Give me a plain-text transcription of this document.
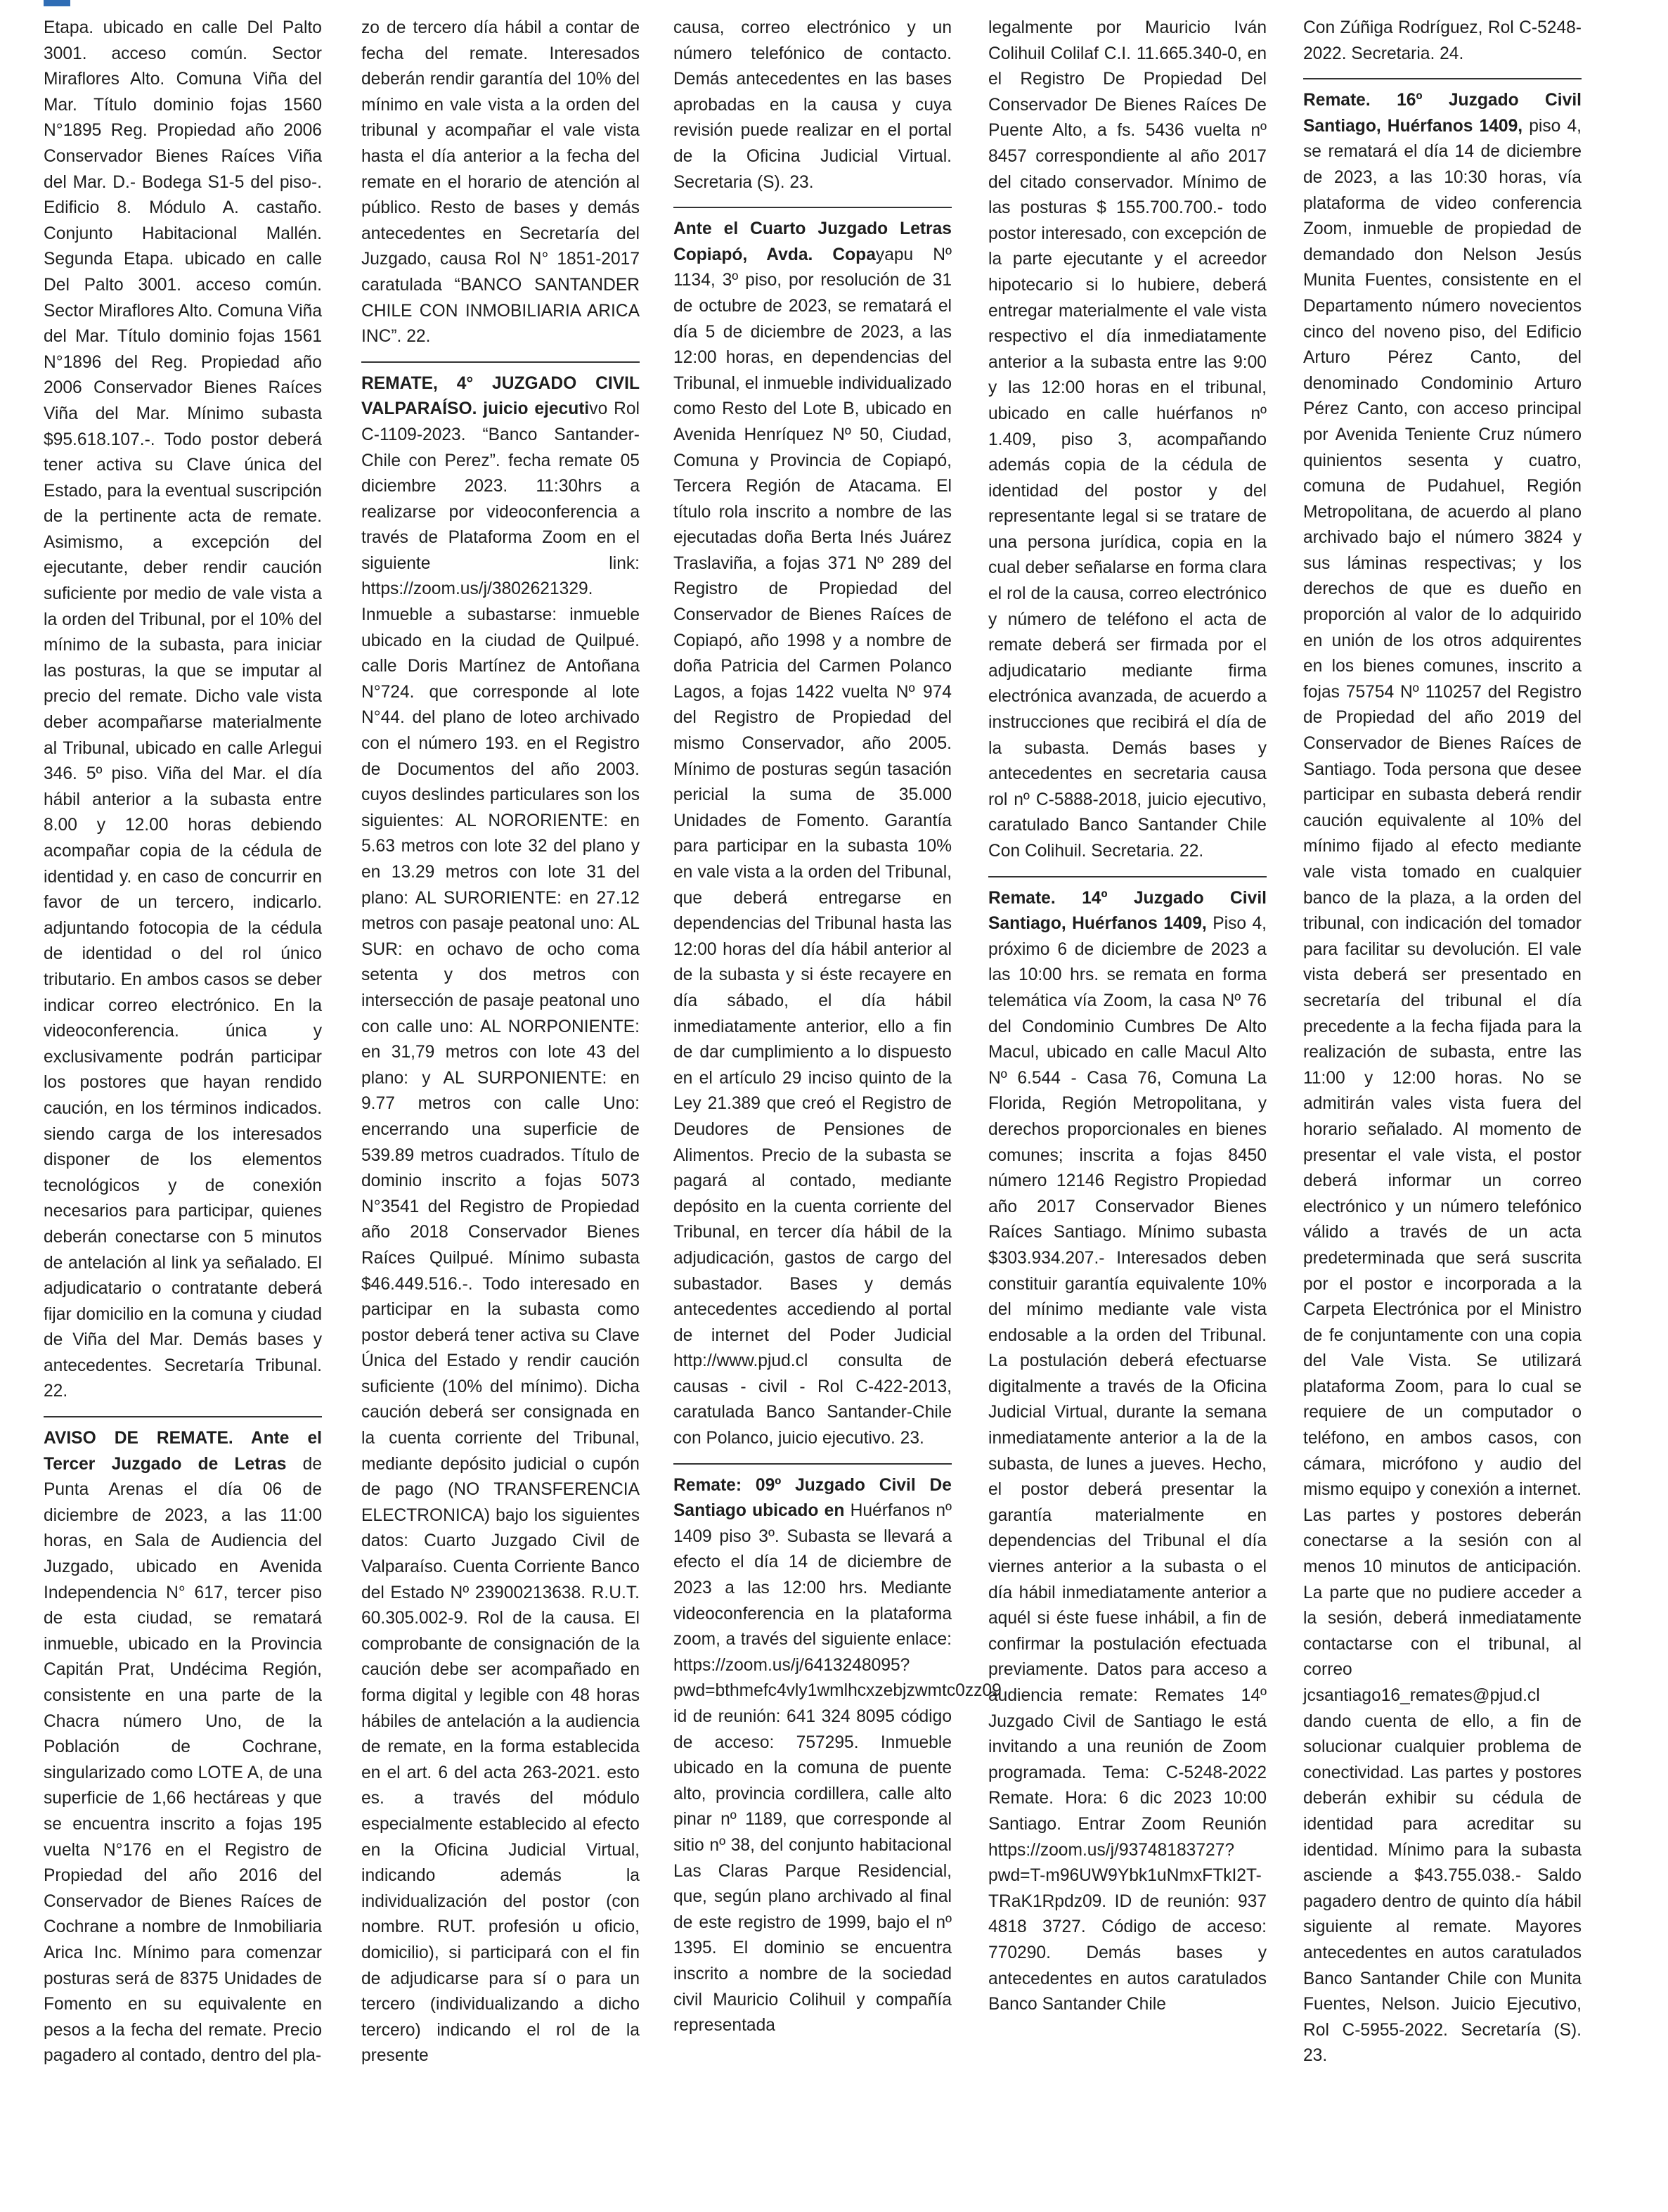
Etapa. ubicado en calle Del Palto 3001. acceso común. Sector Miraflores Alto. Comuna Viña del Mar. Título dominio fojas 1560 N°1895 Reg. Propiedad año 2006 Conservador Bienes Raíces Viña del Mar. D.- Bodega S1-5 del piso-. Edificio 8. Módulo A. castaño. Conjunto Habitacional Mallén. Segunda Etapa. ubicado en calle Del Palto 3001. acceso común. Sector Miraflores Alto. Comuna Viña del Mar. Título dominio fojas 1561 N°1896 del Reg. Propiedad año 2006 Conservador Bienes Raíces Viña del Mar. Mínimo subasta $95.618.107.-. Todo postor deberá tener activa su Clave única del Estado, para la eventual suscripción de la pertinente acta de remate. Asimismo, a excepción del ejecutante, deber rendir caución suficiente por medio de vale vista a la orden del Tribunal, por el 10% del mínimo de la subasta, para iniciar las posturas, la que se imputar al precio del remate. Dicho vale vista deber acompañarse materialmente al Tribunal, ubicado en calle Arlegui 346. 5º piso. Viña del Mar. el día hábil anterior a la subasta entre 8.00 y 12.00 horas debiendo acompañar copia de la cédula de identidad y. en caso de concurrir en favor de un tercero, indicarlo. adjuntando fotocopia de la cédula de identidad o del rol único tributario. En ambos casos se deber indicar correo electrónico. En la videoconferencia. única y exclusivamente podrán participar los postores que hayan rendido caución, en los términos indicados. siendo carga de los interesados disponer de los elementos tecnológicos y de conexión necesarios para participar, quienes deberán conectarse con 5 minutos de antelación al link ya señalado. El adjudicatario o contratante deberá fijar domicilio en la comuna y ciudad de Viña del Mar. Demás bases y antecedentes. Secretaría Tribunal. 22.

AVISO DE REMATE. Ante el Tercer Juzgado de Letras de Punta Arenas el día 06 de diciembre de 2023, a las 11:00 horas, en Sala de Audiencia del Juzgado, ubicado en Avenida Independencia N° 617, tercer piso de esta ciudad, se rematará inmueble, ubicado en la Provincia Capitán Prat, Undécima Región, consistente en una parte de la Chacra número Uno, de la Población de Cochrane, singularizado como LOTE A, de una superficie de 1,66 hectáreas y que se encuentra inscrito a fojas 195 vuelta N°176 en el Registro de Propiedad del año 2016 del Conservador de Bienes Raíces de Cochrane a nombre de Inmobiliaria Arica Inc. Mínimo para comenzar posturas será de 8375 Unidades de Fomento en su equivalente en pesos a la fecha del remate. Precio pagadero al contado, dentro del pla-

zo de tercero día hábil a contar de fecha del remate. Interesados deberán rendir garantía del 10% del mínimo en vale vista a la orden del tribunal y acompañar el vale vista hasta el día anterior a la fecha del remate en el horario de atención al público. Resto de bases y demás antecedentes en Secretaría del Juzgado, causa Rol N° 1851-2017 caratulada “BANCO SANTANDER CHILE CON INMOBILIARIA ARICA INC”. 22.

REMATE, 4° JUZGADO CIVIL VALPARAÍSO. juicio ejecutivo Rol C-1109-2023. “Banco Santander-Chile con Perez”. fecha remate 05 diciembre 2023. 11:30hrs a realizarse por videoconferencia a través de Plataforma Zoom en el siguiente link: https://zoom.us/j/3802621329. Inmueble a subastarse: inmueble ubicado en la ciudad de Quilpué. calle Doris Martínez de Antoñana N°724. que corresponde al lote N°44. del plano de loteo archivado con el número 193. en el Registro de Documentos del año 2003. cuyos deslindes particulares son los siguientes: AL NORORIENTE: en 5.63 metros con lote 32 del plano y en 13.29 metros con lote 31 del plano: AL SURORIENTE: en 27.12 metros con pasaje peatonal uno: AL SUR: en ochavo de ocho coma setenta y dos metros con intersección de pasaje peatonal uno con calle uno: AL NORPONIENTE: en 31,79 metros con lote 43 del plano: y AL SURPONIENTE: en 9.77 metros con calle Uno: encerrando una superficie de 539.89 metros cuadrados. Título de dominio inscrito a fojas 5073 N°3541 del Registro de Propiedad año 2018 Conservador Bienes Raíces Quilpué. Mínimo subasta $46.449.516.-. Todo interesado en participar en la subasta como postor deberá tener activa su Clave Única del Estado y rendir caución suficiente (10% del mínimo). Dicha caución deberá ser consignada en la cuenta corriente del Tribunal, mediante depósito judicial o cupón de pago (NO TRANSFERENCIA ELECTRONICA) bajo los siguientes datos: Cuarto Juzgado Civil de Valparaíso. Cuenta Corriente Banco del Estado Nº 23900213638. R.U.T. 60.305.002-9. Rol de la causa. El comprobante de consignación de la caución debe ser acompañado en forma digital y legible con 48 horas hábiles de antelación a la audiencia de remate, en la forma establecida en el art. 6 del acta 263-2021. esto es. a través del módulo especialmente establecido al efecto en la Oficina Judicial Virtual, indicando además la individualización del postor (con nombre. RUT. profesión u oficio, domicilio), si participará con el fin de adjudicarse para sí o para un tercero (individualizando a dicho tercero) indicando el rol de la presente

causa, correo electrónico y un número telefónico de contacto. Demás antecedentes en las bases aprobadas en la causa y cuya revisión puede realizar en el portal de la Oficina Judicial Virtual. Secretaria (S). 23.

Ante el Cuarto Juzgado Letras Copiapó, Avda. Copayapu Nº 1134, 3º piso, por resolución de 31 de octubre de 2023, se rematará el día 5 de diciembre de 2023, a las 12:00 horas, en dependencias del Tribunal, el inmueble individualizado como Resto del Lote B, ubicado en Avenida Henríquez Nº 50, Ciudad, Comuna y Provincia de Copiapó, Tercera Región de Atacama. El título rola inscrito a nombre de las ejecutadas doña Berta Inés Juárez Traslaviña, a fojas 371 Nº 289 del Registro de Propiedad del Conservador de Bienes Raíces de Copiapó, año 1998 y a nombre de doña Patricia del Carmen Polanco Lagos, a fojas 1422 vuelta Nº 974 del Registro de Propiedad del mismo Conservador, año 2005. Mínimo de posturas según tasación pericial la suma de 35.000 Unidades de Fomento. Garantía para participar en la subasta 10% en vale vista a la orden del Tribunal, que deberá entregarse en dependencias del Tribunal hasta las 12:00 horas del día hábil anterior al de la subasta y si éste recayere en día sábado, el día hábil inmediatamente anterior, ello a fin de dar cumplimiento a lo dispuesto en el artículo 29 inciso quinto de la Ley 21.389 que creó el Registro de Deudores de Pensiones de Alimentos. Precio de la subasta se pagará al contado, mediante depósito en la cuenta corriente del Tribunal, en tercer día hábil de la adjudicación, gastos de cargo del subastador. Bases y demás antecedentes accediendo al portal de internet del Poder Judicial http://www.pjud.cl consulta de causas - civil - Rol C-422-2013, caratulada Banco Santander-Chile con Polanco, juicio ejecutivo. 23.

Remate: 09º Juzgado Civil De Santiago ubicado en Huérfanos nº 1409 piso 3º. Subasta se llevará a efecto el día 14 de diciembre de 2023 a las 12:00 hrs. Mediante videoconferencia en la plataforma zoom, a través del siguiente enlace: https://zoom.us/j/6413248095?pwd=bthmefc4vly1wmlhcxzebjzwmtc0zz09 id de reunión: 641 324 8095 código de acceso: 757295. Inmueble ubicado en la comuna de puente alto, provincia cordillera, calle alto pinar nº 1189, que corresponde al sitio nº 38, del conjunto habitacional Las Claras Parque Residencial, que, según plano archivado al final de este registro de 1999, bajo el nº 1395. El dominio se encuentra inscrito a nombre de la sociedad civil Mauricio Colihuil y compañía representada

legalmente por Mauricio Iván Colihuil Colilaf C.I. 11.665.340-0, en el Registro De Propiedad Del Conservador De Bienes Raíces De Puente Alto, a fs. 5436 vuelta nº 8457 correspondiente al año 2017 del citado conservador. Mínimo de las posturas $ 155.700.700.- todo postor interesado, con excepción de la parte ejecutante y el acreedor hipotecario si lo hubiere, deberá entregar materialmente el vale vista respectivo el día inmediatamente anterior a la subasta entre las 9:00 y las 12:00 horas en el tribunal, ubicado en calle huérfanos nº 1.409, piso 3, acompañando además copia de la cédula de identidad del postor y del representante legal si se tratare de una persona jurídica, copia en la cual deber señalarse en forma clara el rol de la causa, correo electrónico y número de teléfono el acta de remate deberá ser firmada por el adjudicatario mediante firma electrónica avanzada, de acuerdo a instrucciones que recibirá el día de la subasta. Demás bases y antecedentes en secretaria causa rol nº C-5888-2018, juicio ejecutivo, caratulado Banco Santander Chile Con Colihuil. Secretaria. 22.

Remate. 14º Juzgado Civil Santiago, Huérfanos 1409, Piso 4, próximo 6 de diciembre de 2023 a las 10:00 hrs. se remata en forma telemática vía Zoom, la casa Nº 76 del Condominio Cumbres De Alto Macul, ubicado en calle Macul Alto Nº 6.544 - Casa 76, Comuna La Florida, Región Metropolitana, y derechos proporcionales en bienes comunes; inscrita a fojas 8450 número 12146 Registro Propiedad año 2017 Conservador Bienes Raíces Santiago. Mínimo subasta $303.934.207.- Interesados deben constituir garantía equivalente 10% del mínimo mediante vale vista endosable a la orden del Tribunal. La postulación deberá efectuarse digitalmente a través de la Oficina Judicial Virtual, durante la semana inmediatamente anterior a la de la subasta, de lunes a jueves. Hecho, el postor deberá presentar la garantía materialmente en dependencias del Tribunal el día viernes anterior a la subasta o el día hábil inmediatamente anterior a aquél si éste fuese inhábil, a fin de confirmar la postulación efectuada previamente. Datos para acceso a audiencia remate: Remates 14º Juzgado Civil de Santiago le está invitando a una reunión de Zoom programada. Tema: C-5248-2022 Remate. Hora: 6 dic 2023 10:00 Santiago. Entrar Zoom Reunión https://zoom.us/j/93748183727?pwd=T-m96UW9Ybk1uNmxFTkI2T-TRaK1Rpdz09. ID de reunión: 937 4818 3727. Código de acceso: 770290. Demás bases y antecedentes en autos caratulados Banco Santander Chile

Con Zúñiga Rodríguez, Rol C-5248-2022. Secretaria. 24.

Remate. 16º Juzgado Civil Santiago, Huérfanos 1409, piso 4, se rematará el día 14 de diciembre de 2023, a las 10:30 horas, vía plataforma de video conferencia Zoom, inmueble de propiedad de demandado don Nelson Jesús Munita Fuentes, consistente en el Departamento número novecientos cinco del noveno piso, del Edificio Arturo Pérez Canto, del denominado Condominio Arturo Pérez Canto, con acceso principal por Avenida Teniente Cruz número quinientos sesenta y cuatro, comuna de Pudahuel, Región Metropolitana, de acuerdo al plano archivado bajo el número 3824 y sus láminas respectivas; y los derechos de que es dueño en proporción al valor de lo adquirido en unión de los otros adquirentes en los bienes comunes, inscrito a fojas 75754 Nº 110257 del Registro de Propiedad del año 2019 del Conservador de Bienes Raíces de Santiago. Toda persona que desee participar en subasta deberá rendir caución equivalente al 10% del mínimo fijado al efecto mediante vale vista tomado en cualquier banco de la plaza, a la orden del tribunal, con indicación del tomador para facilitar su devolución. El vale vista deberá ser presentado en secretaría del tribunal el día precedente a la fecha fijada para la realización de subasta, entre las 11:00 y 12:00 horas. No se admitirán vales vista fuera del horario señalado. Al momento de presentar el vale vista, el postor deberá informar un correo electrónico y un número telefónico válido a través de un acta predeterminada que será suscrita por el postor e incorporada a la Carpeta Electrónica por el Ministro de fe conjuntamente con una copia del Vale Vista. Se utilizará plataforma Zoom, para lo cual se requiere de un computador o teléfono, en ambos casos, con cámara, micrófono y audio del mismo equipo y conexión a internet. Las partes y postores deberán conectarse a la sesión con al menos 10 minutos de anticipación. La parte que no pudiere acceder a la sesión, deberá inmediatamente contactarse con el tribunal, al correo jcsantiago16_remates@pjud.cl dando cuenta de ello, a fin de solucionar cualquier problema de conectividad. Las partes y postores deberán exhibir su cédula de identidad para acreditar su identidad. Mínimo para la subasta asciende a $43.755.038.- Saldo pagadero dentro de quinto día hábil siguiente al remate. Mayores antecedentes en autos caratulados Banco Santander Chile con Munita Fuentes, Nelson. Juicio Ejecutivo, Rol C-5955-2022. Secretaría (S). 23.
